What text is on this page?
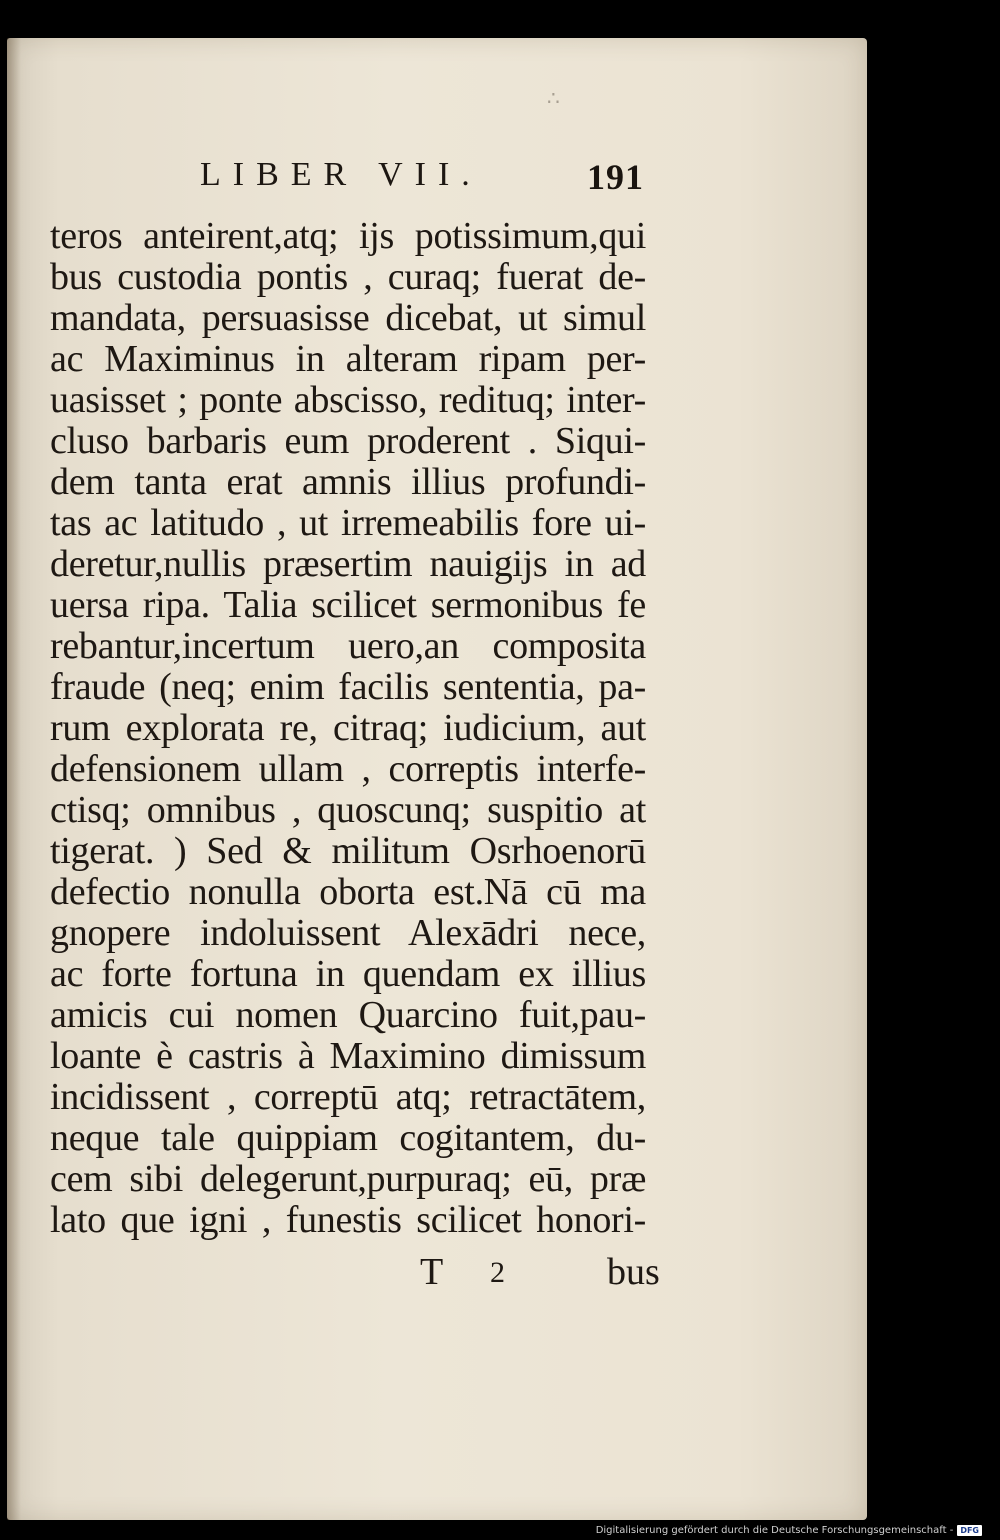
∴
LIBER VII.	191
teros anteirent,atq; ijs potissimum,qui
bus custodia pontis , curaq; fuerat de-
mandata, persuasisse dicebat, ut simul
ac Maximinus in alteram ripam per-
uasisset ; ponte abscisso, redituq; inter-
cluso barbaris eum proderent . Siqui-
dem tanta erat amnis illius profundi-
tas ac latitudo , ut irremeabilis fore ui-
deretur,nullis præsertim nauigijs in ad
uersa ripa. Talia scilicet sermonibus fe
rebantur,incertum uero,an composita
fraude (neq; enim facilis sententia, pa-
rum explorata re, citraq; iudicium, aut
defensionem ullam , correptis interfe-
ctisq; omnibus , quoscunq; suspitio at
tigerat. ) Sed & militum Osrhoenorū
defectio nonulla oborta est.Nā cū ma
gnopere indoluissent Alexādri nece,
ac forte fortuna in quendam ex illius
amicis cui nomen Quarcino fuit,pau-
loante è castris à Maximino dimissum
incidissent , correptū atq; retractātem,
neque tale quippiam cogitantem, du-
cem sibi delegerunt,purpuraq; eū, præ
lato que igni , funestis scilicet honori-
T 2	bus
Digitalisierung gefördert durch die Deutsche Forschungsgemeinschaft - DFG
